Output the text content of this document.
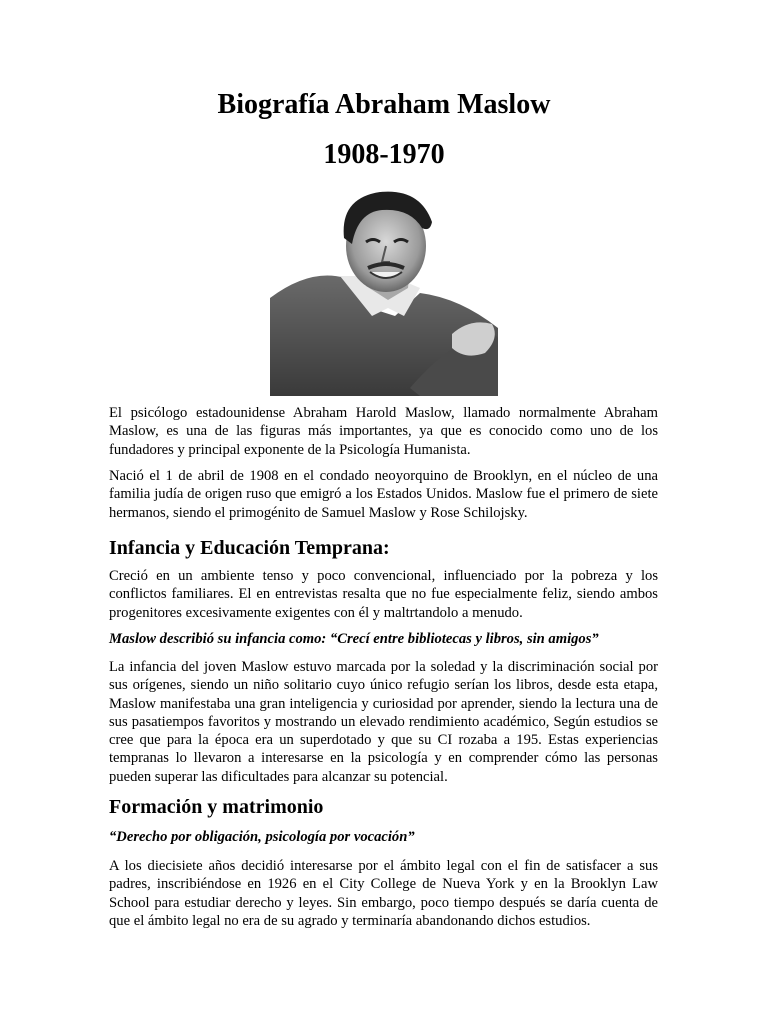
Biografía Abraham Maslow
1908-1970

El psicólogo estadounidense Abraham Harold Maslow, llamado normalmente Abraham Maslow, es una de las figuras más importantes, ya que es conocido como uno de los fundadores y principal exponente de la Psicología Humanista.

Nació el 1 de abril de 1908 en el condado neoyorquino de Brooklyn, en el núcleo de una familia judía de origen ruso que emigró a los Estados Unidos. Maslow fue el primero de siete hermanos, siendo el primogénito de Samuel Maslow y Rose Schilojsky.

Infancia y Educación Temprana:

Creció en un ambiente tenso y poco convencional, influenciado por la pobreza y los conflictos familiares. El en entrevistas resalta que no fue especialmente feliz, siendo ambos progenitores excesivamente exigentes con él y maltrtandolo a menudo.

Maslow describió su infancia como: “Crecí entre bibliotecas y libros, sin amigos”

La infancia del joven Maslow estuvo marcada por la soledad y la discriminación social por sus orígenes, siendo un niño solitario cuyo único refugio serían los libros, desde esta etapa, Maslow manifestaba una gran inteligencia y curiosidad por aprender, siendo la lectura una de sus pasatiempos favoritos y mostrando un elevado rendimiento académico, Según estudios se cree que para la época era un superdotado y que su CI rozaba a 195. Estas experiencias tempranas lo llevaron a interesarse en la psicología y en comprender cómo las personas pueden superar las dificultades para alcanzar su potencial.

Formación y matrimonio

“Derecho por obligación, psicología por vocación”

A los diecisiete años decidió interesarse por el ámbito legal con el fin de satisfacer a sus padres, inscribiéndose en 1926 en el City College de Nueva York y en la Brooklyn Law School para estudiar derecho y leyes. Sin embargo, poco tiempo después se daría cuenta de que el ámbito legal no era de su agrado y terminaría abandonando dichos estudios.
